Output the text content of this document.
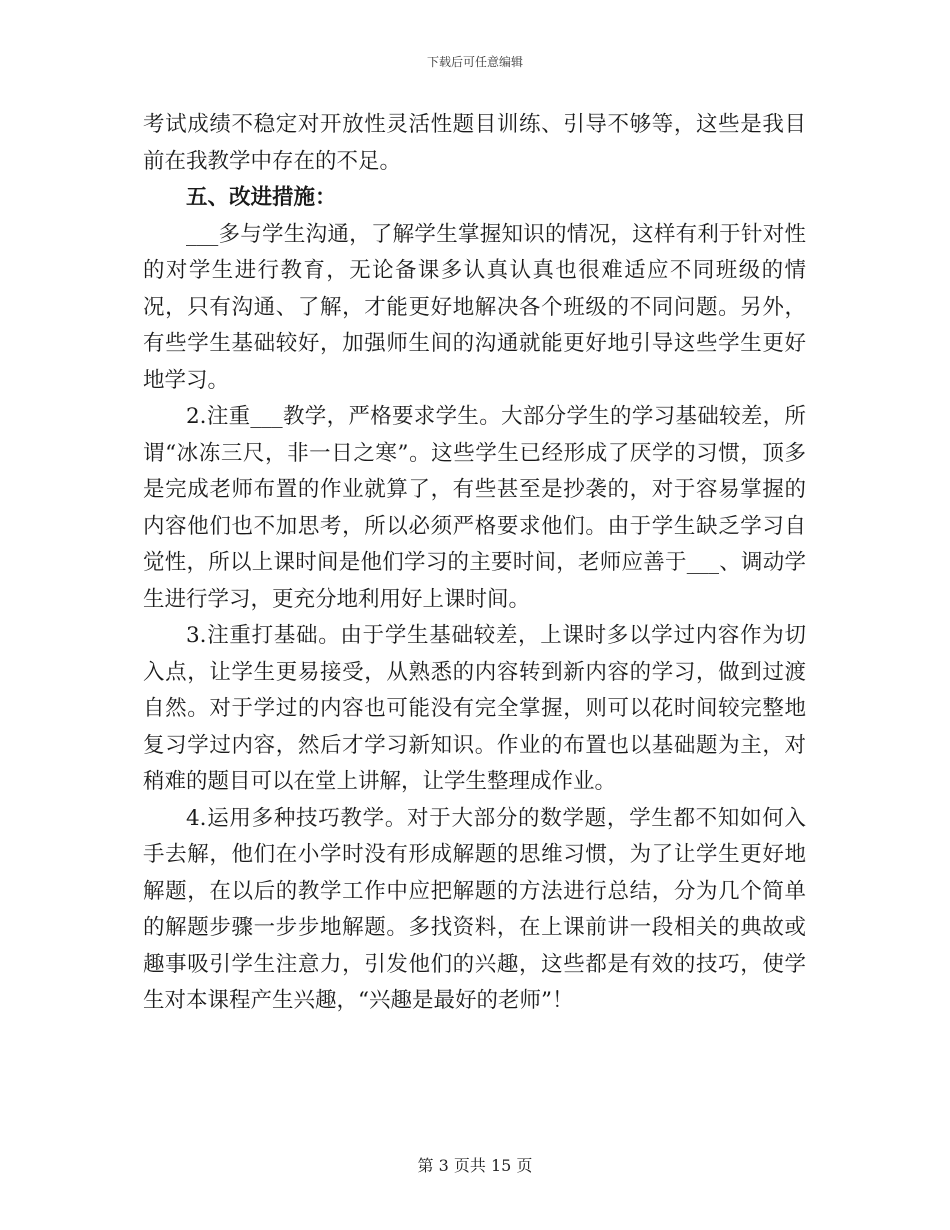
下载后可任意编辑

考试成绩不稳定对开放性灵活性题目训练、引导不够等，这些是我目前在我教学中存在的不足。

五、改进措施：

___多与学生沟通，了解学生掌握知识的情况，这样有利于针对性的对学生进行教育，无论备课多认真认真也很难适应不同班级的情况，只有沟通、了解，才能更好地解决各个班级的不同问题。另外，有些学生基础较好，加强师生间的沟通就能更好地引导这些学生更好地学习。

2.注重___教学，严格要求学生。大部分学生的学习基础较差，所谓“冰冻三尺，非一日之寒”。这些学生已经形成了厌学的习惯，顶多是完成老师布置的作业就算了，有些甚至是抄袭的，对于容易掌握的内容他们也不加思考，所以必须严格要求他们。由于学生缺乏学习自觉性，所以上课时间是他们学习的主要时间，老师应善于___、调动学生进行学习，更充分地利用好上课时间。

3.注重打基础。由于学生基础较差，上课时多以学过内容作为切入点，让学生更易接受，从熟悉的内容转到新内容的学习，做到过渡自然。对于学过的内容也可能没有完全掌握，则可以花时间较完整地复习学过内容，然后才学习新知识。作业的布置也以基础题为主，对稍难的题目可以在堂上讲解，让学生整理成作业。

4.运用多种技巧教学。对于大部分的数学题，学生都不知如何入手去解，他们在小学时没有形成解题的思维习惯，为了让学生更好地解题，在以后的教学工作中应把解题的方法进行总结，分为几个简单的解题步骤一步步地解题。多找资料，在上课前讲一段相关的典故或趣事吸引学生注意力，引发他们的兴趣，这些都是有效的技巧，使学生对本课程产生兴趣，“兴趣是最好的老师”！

第 3 页共 15 页
